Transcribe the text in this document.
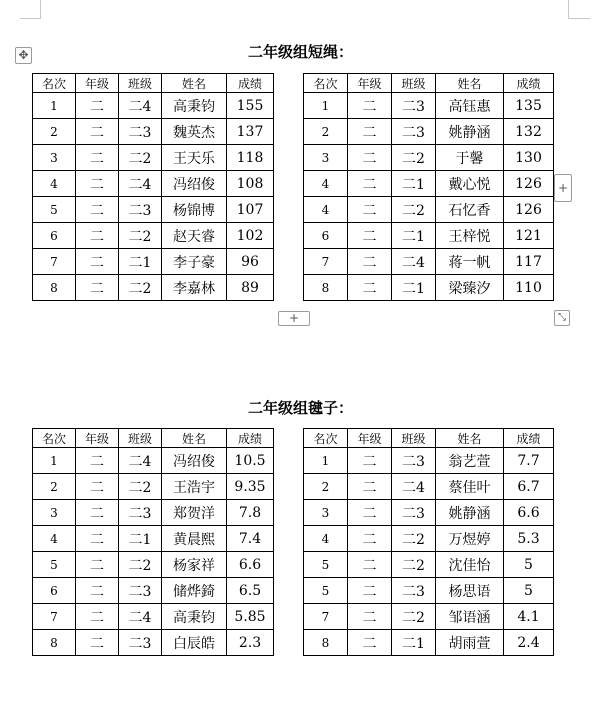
✥	二年级组短绳：
名次	年级	班级	姓名	成绩		名次	年级	班级	姓名	成绩
1	二	二4	高秉钧	155		1	二	二3	高钰惠	135
2	二	二3	魏英杰	137		2	二	二3	姚静涵	132
3	二	二2	王天乐	118		3	二	二2	于馨	130
4	二	二4	冯绍俊	108		4	二	二1	戴心悦	126
5	二	二3	杨锦博	107		4	二	二2	石忆香	126
6	二	二2	赵天睿	102		6	二	二1	王梓悦	121
7	二	二1	李子豪	96		7	二	二4	蒋一帆	117
8	二	二2	李嘉林	89		8	二	二1	梁臻汐	110
+
+	⤡
二年级组毽子：
名次	年级	班级	姓名	成绩		名次	年级	班级	姓名	成绩
1	二	二4	冯绍俊	10.5		1	二	二3	翁艺萱	7.7
2	二	二2	王浩宇	9.35		2	二	二4	蔡佳叶	6.7
3	二	二3	郑贺洋	7.8		3	二	二3	姚静涵	6.6
4	二	二1	黄晨熙	7.4		4	二	二2	万煜婷	5.3
5	二	二2	杨家祥	6.6		5	二	二2	沈佳怡	5
6	二	二3	储烨錡	6.5		5	二	二3	杨思语	5
7	二	二4	高秉钧	5.85		7	二	二2	邹语涵	4.1
8	二	二3	白辰皓	2.3		8	二	二1	胡雨萱	2.4
